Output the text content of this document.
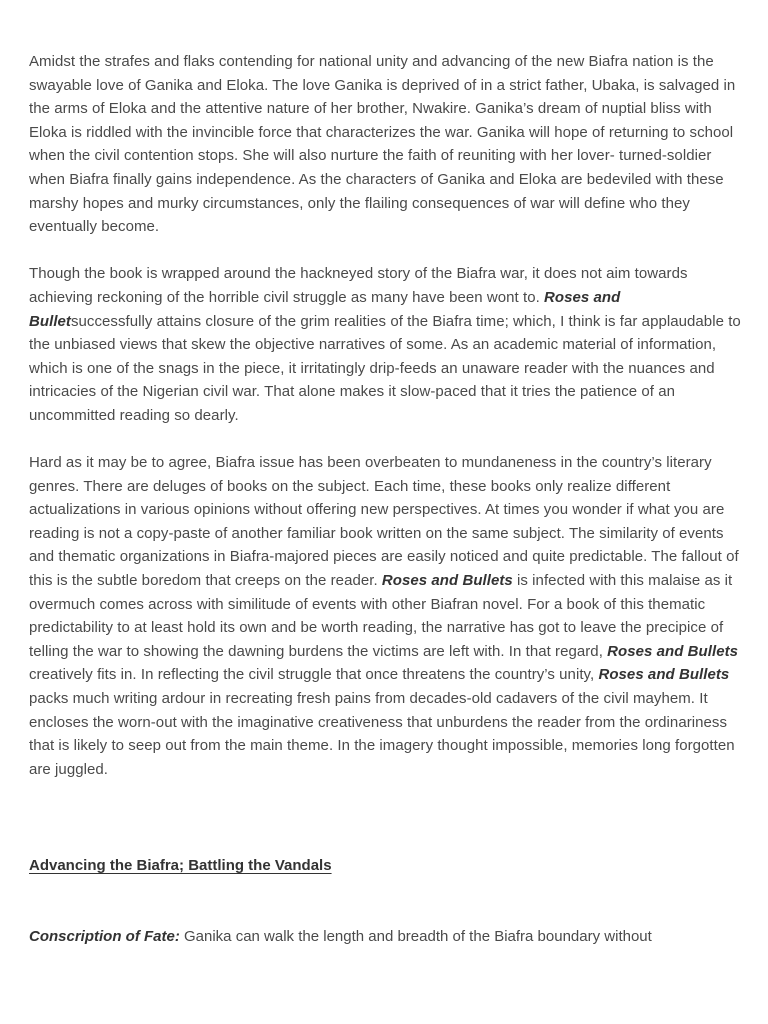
Amidst the strafes and flaks contending for national unity and advancing of the new Biafra nation is the swayable love of Ganika and Eloka. The love Ganika is deprived of in a strict father, Ubaka, is salvaged in the arms of Eloka and the attentive nature of her brother, Nwakire. Ganika’s dream of nuptial bliss with Eloka is riddled with the invincible force that characterizes the war. Ganika will hope of returning to school when the civil contention stops. She will also nurture the faith of reuniting with her lover- turned-soldier when Biafra finally gains independence. As the characters of Ganika and Eloka are bedeviled with these marshy hopes and murky circumstances, only the flailing consequences of war will define who they eventually become.

Though the book is wrapped around the hackneyed story of the Biafra war, it does not aim towards achieving reckoning of the horrible civil struggle as many have been wont to. Roses and Bulletsuccessfully attains closure of the grim realities of the Biafra time; which, I think is far applaudable to the unbiased views that skew the objective narratives of some. As an academic material of information, which is one of the snags in the piece, it irritatingly drip-feeds an unaware reader with the nuances and intricacies of the Nigerian civil war. That alone makes it slow-paced that it tries the patience of an uncommitted reading so dearly.

Hard as it may be to agree, Biafra issue has been overbeaten to mundaneness in the country’s literary genres. There are deluges of books on the subject. Each time, these books only realize different actualizations in various opinions without offering new perspectives. At times you wonder if what you are reading is not a copy-paste of another familiar book written on the same subject. The similarity of events and thematic organizations in Biafra-majored pieces are easily noticed and quite predictable. The fallout of this is the subtle boredom that creeps on the reader. Roses and Bullets is infected with this malaise as it overmuch comes across with similitude of events with other Biafran novel. For a book of this thematic predictability to at least hold its own and be worth reading, the narrative has got to leave the precipice of telling the war to showing the dawning burdens the victims are left with. In that regard, Roses and Bullets creatively fits in. In reflecting the civil struggle that once threatens the country’s unity, Roses and Bullets packs much writing ardour in recreating fresh pains from decades-old cadavers of the civil mayhem. It encloses the worn-out with the imaginative creativeness that unburdens the reader from the ordinariness that is likely to seep out from the main theme. In the imagery thought impossible, memories long forgotten are juggled.

Advancing the Biafra; Battling the Vandals

Conscription of Fate: Ganika can walk the length and breadth of the Biafra boundary without
